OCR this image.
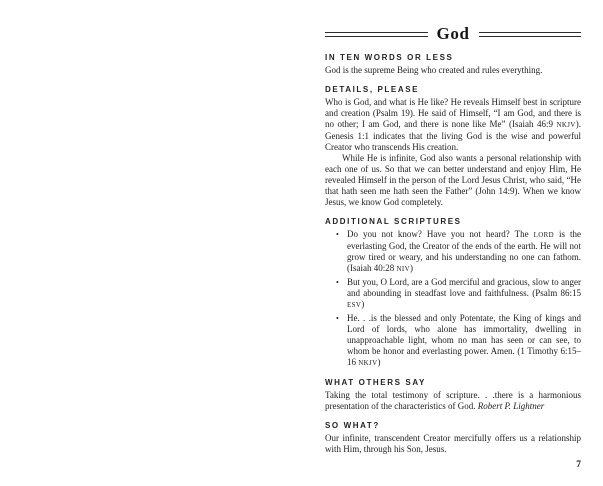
God
IN TEN WORDS OR LESS

God is the supreme Being who created and rules everything.

DETAILS, PLEASE

Who is God, and what is He like? He reveals Himself best in scripture and creation (Psalm 19). He said of Himself, “I am God, and there is no other; I am God, and there is none like Me” (Isaiah 46:9 NKJV). Genesis 1:1 indicates that the living God is the wise and powerful Creator who transcends His creation.

While He is infinite, God also wants a personal relationship with each one of us. So that we can better understand and enjoy Him, He revealed Himself in the person of the Lord Jesus Christ, who said, “He that hath seen me hath seen the Father” (John 14:9). When we know Jesus, we know God completely.

ADDITIONAL SCRIPTURES
• Do you not know? Have you not heard? The LORD is the everlasting God, the Creator of the ends of the earth. He will not grow tired or weary, and his understanding no one can fathom. (Isaiah 40:28 NIV)
• But you, O Lord, are a God merciful and gracious, slow to anger and abounding in steadfast love and faithfulness. (Psalm 86:15 ESV)
• He. . .is the blessed and only Potentate, the King of kings and Lord of lords, who alone has immortality, dwelling in unapproachable light, whom no man has seen or can see, to whom be honor and everlasting power. Amen. (1 Timothy 6:15–16 NKJV)
WHAT OTHERS SAY

Taking the total testimony of scripture. . .there is a harmonious presentation of the characteristics of God. Robert P. Lightner

SO WHAT?

Our infinite, transcendent Creator mercifully offers us a relationship with Him, through his Son, Jesus.

7
